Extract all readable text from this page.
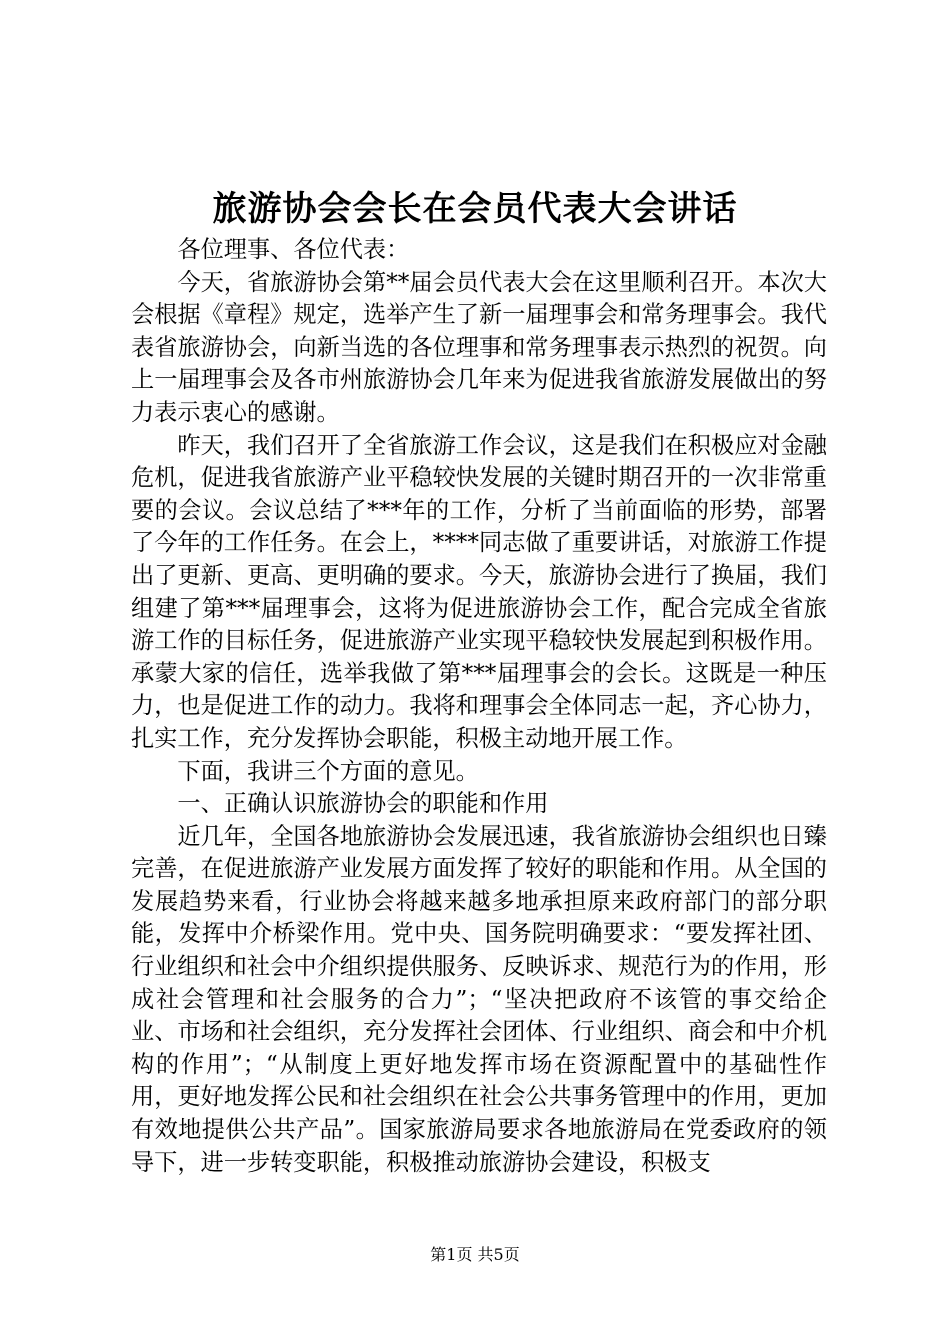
旅游协会会长在会员代表大会讲话

各位理事、各位代表：

今天，省旅游协会第**届会员代表大会在这里顺利召开。本次大会根据《章程》规定，选举产生了新一届理事会和常务理事会。我代表省旅游协会，向新当选的各位理事和常务理事表示热烈的祝贺。向上一届理事会及各市州旅游协会几年来为促进我省旅游发展做出的努力表示衷心的感谢。

昨天，我们召开了全省旅游工作会议，这是我们在积极应对金融危机，促进我省旅游产业平稳较快发展的关键时期召开的一次非常重要的会议。会议总结了***年的工作，分析了当前面临的形势，部署了今年的工作任务。在会上，****同志做了重要讲话，对旅游工作提出了更新、更高、更明确的要求。今天，旅游协会进行了换届，我们组建了第***届理事会，这将为促进旅游协会工作，配合完成全省旅游工作的目标任务，促进旅游产业实现平稳较快发展起到积极作用。承蒙大家的信任，选举我做了第***届理事会的会长。这既是一种压力，也是促进工作的动力。我将和理事会全体同志一起，齐心协力，扎实工作，充分发挥协会职能，积极主动地开展工作。

下面，我讲三个方面的意见。

一、正确认识旅游协会的职能和作用

近几年，全国各地旅游协会发展迅速，我省旅游协会组织也日臻完善，在促进旅游产业发展方面发挥了较好的职能和作用。从全国的发展趋势来看，行业协会将越来越多地承担原来政府部门的部分职能，发挥中介桥梁作用。党中央、国务院明确要求：“要发挥社团、行业组织和社会中介组织提供服务、反映诉求、规范行为的作用，形成社会管理和社会服务的合力”；“坚决把政府不该管的事交给企业、市场和社会组织，充分发挥社会团体、行业组织、商会和中介机构的作用”；“从制度上更好地发挥市场在资源配置中的基础性作用，更好地发挥公民和社会组织在社会公共事务管理中的作用，更加有效地提供公共产品”。国家旅游局要求各地旅游局在党委政府的领导下，进一步转变职能，积极推动旅游协会建设，积极支

第1页 共5页
